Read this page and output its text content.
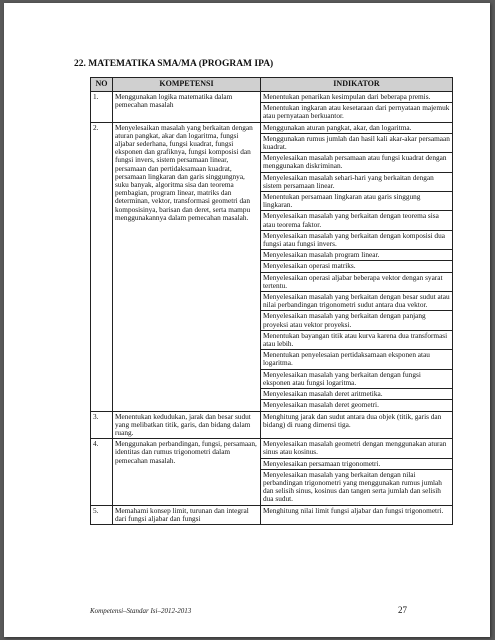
22. MATEMATIKA SMA/MA (PROGRAM IPA)
NO	KOMPETENSI	INDIKATOR
1.	Menggunakan logika matematika dalam pemecahan masalah	Menentukan penarikan kesimpulan dari beberapa premis.
		Menentukan ingkaran atau kesetaraan dari pernyataan majemuk atau pernyataan berkuantor.
2.	Menyelesaikan masalah yang berkaitan dengan aturan pangkat, akar dan logaritma, fungsi aljabar sederhana, fungsi kuadrat, fungsi eksponen dan grafiknya, fungsi komposisi dan fungsi invers, sistem persamaan linear, persamaan dan pertidaksamaan kuadrat, persamaan lingkaran dan garis singgungnya, suku banyak, algoritma sisa dan teorema pembagian, program linear, matriks dan determinan, vektor, transformasi geometri dan komposisinya, barisan dan deret, serta mampu menggunakannya dalam pemecahan masalah.	Menggunakan aturan pangkat, akar, dan logaritma.
		Menggunakan rumus jumlah dan hasil kali akar-akar persamaan kuadrat.
		Menyelesaikan masalah persamaan atau fungsi kuadrat dengan menggunakan diskriminan.
		Menyelesaikan masalah sehari-hari yang berkaitan dengan sistem persamaan linear.
		Menentukan persamaan lingkaran atau garis singgung lingkaran.
		Menyelesaikan masalah yang berkaitan dengan teorema sisa atau teorema faktor.
		Menyelesaikan masalah yang berkaitan dengan komposisi dua fungsi atau fungsi invers.
		Menyelesaikan masalah program linear.
		Menyelesaikan operasi matriks.
		Menyelesaikan operasi aljabar beberapa vektor dengan syarat tertentu.
		Menyelesaikan masalah yang berkaitan dengan besar sudut atau nilai perbandingan trigonometri sudut antara dua vektor.
		Menyelesaikan masalah yang berkaitan dengan panjang proyeksi atau vektor proyeksi.
		Menentukan bayangan titik atau kurva karena dua transformasi atau lebih.
		Menentukan penyelesaian pertidaksamaan eksponen atau logaritma.
		Menyelesaikan masalah yang berkaitan dengan fungsi eksponen atau fungsi logaritma.
		Menyelesaikan masalah deret aritmetika.
		Menyelesaikan masalah deret geometri.
3.	Menentukan kedudukan, jarak dan besar sudut yang melibatkan titik, garis, dan bidang dalam ruang.	Menghitung jarak dan sudut antara dua objek (titik, garis dan bidang) di ruang dimensi tiga.
4.	Menggunakan perbandingan, fungsi, persamaan, identitas dan rumus trigonometri dalam pemecahan masalah.	Menyelesaikan masalah geometri dengan menggunakan aturan sinus atau kosinus.
		Menyelesaikan persamaan trigonometri.
		Menyelesaikan masalah yang berkaitan dengan nilai perbandingan trigonometri yang menggunakan rumus jumlah dan selisih sinus, kosinus dan tangen serta jumlah dan selisih dua sudut.
5.	Memahami konsep limit, turunan dan integral dari fungsi aljabar dan fungsi	Menghitung nilai limit fungsi aljabar dan fungsi trigonometri.
Kompetensi–Standar Isi–2012-2013	27
